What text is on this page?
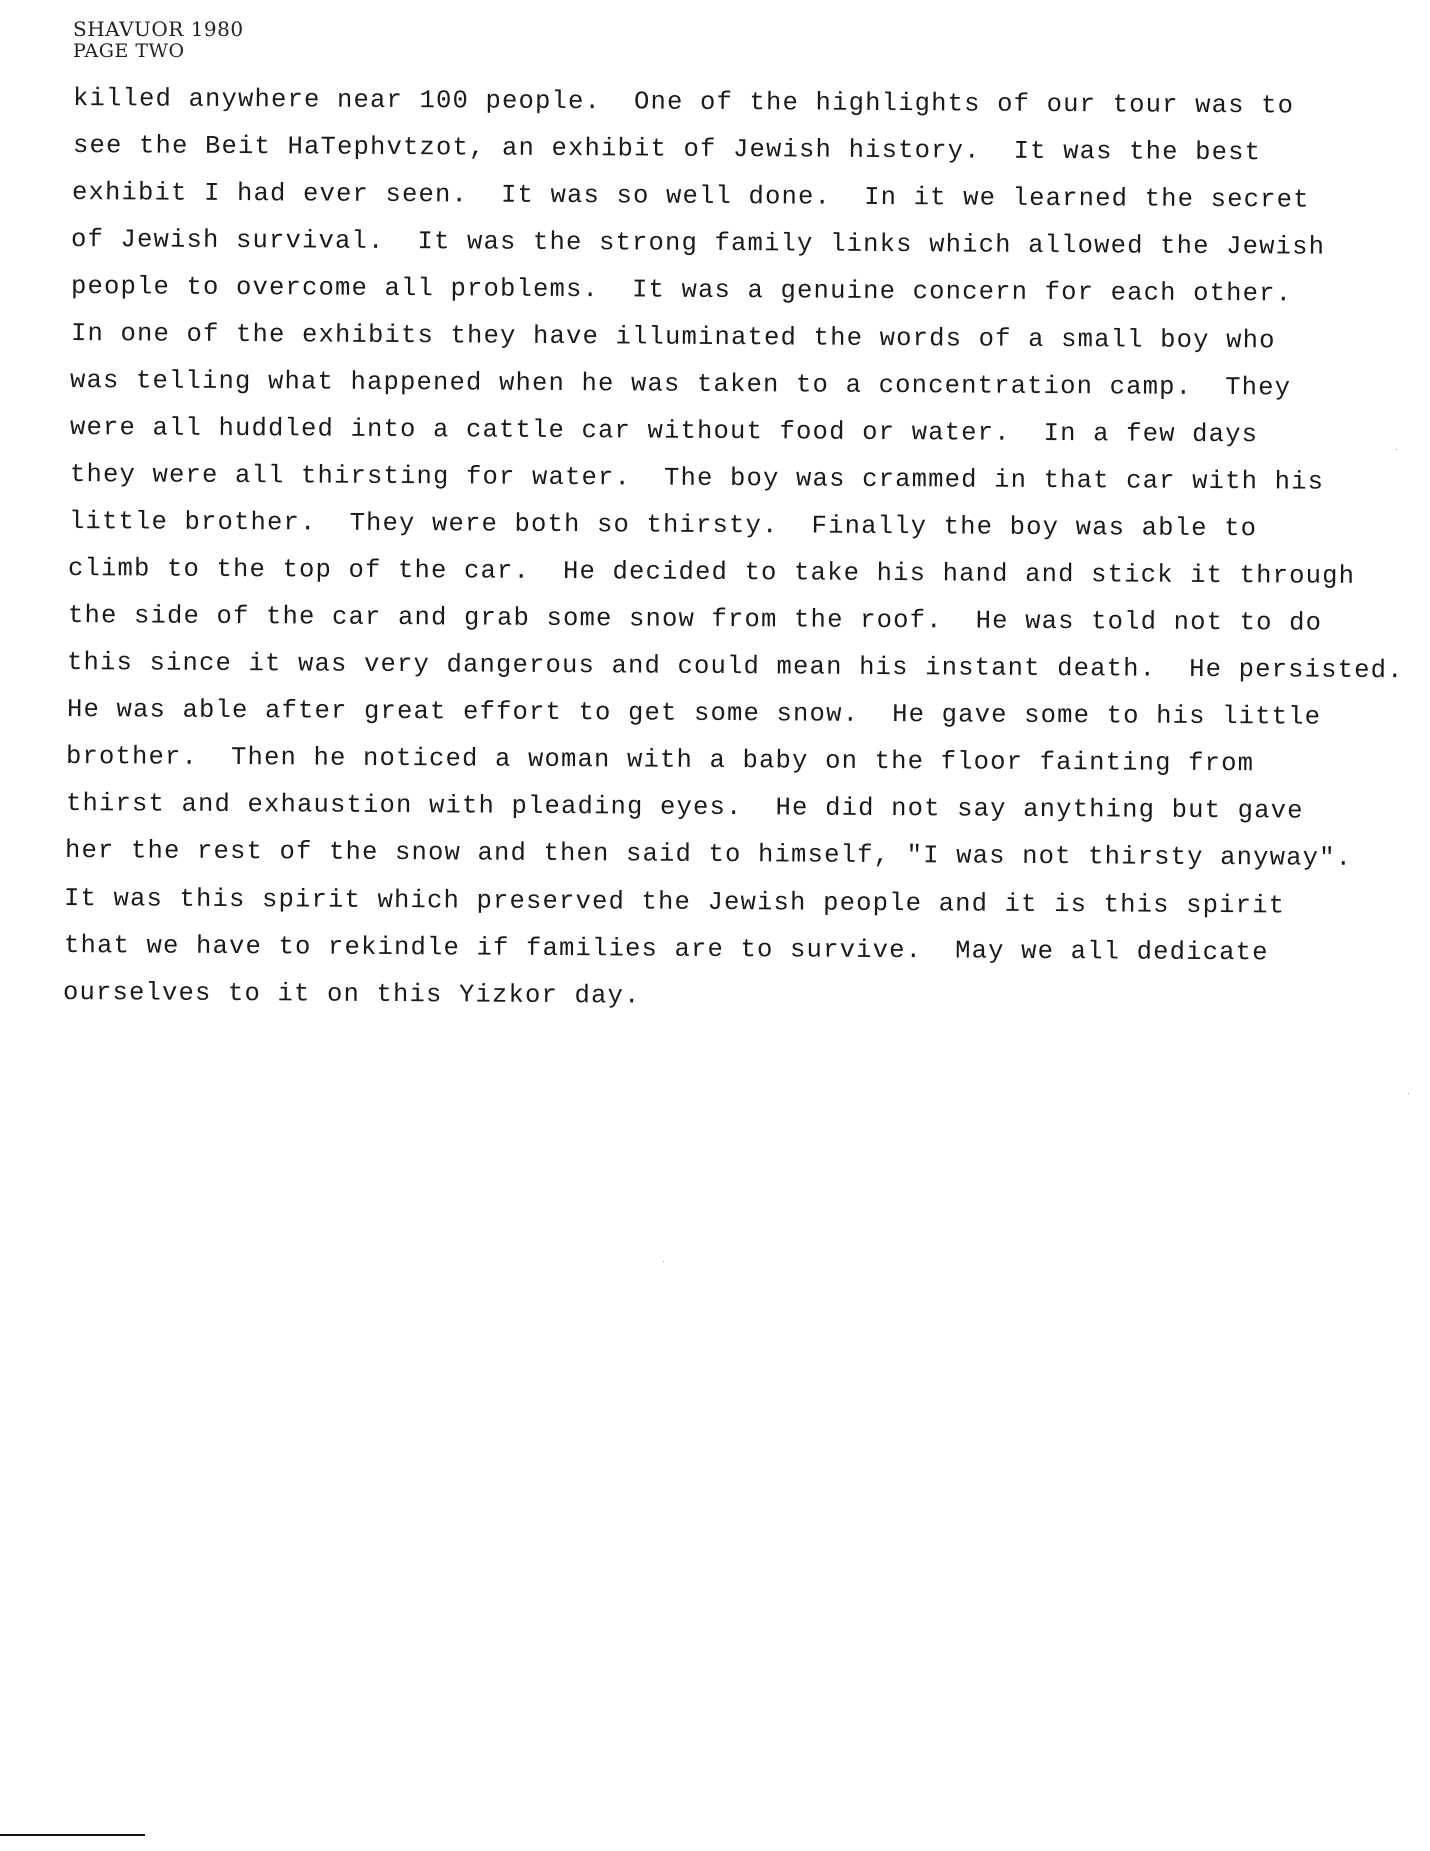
SHAVUOR 1980
PAGE TWO
killed anywhere near 100 people.  One of the highlights of our tour was to
see the Beit HaTephvtzot, an exhibit of Jewish history.  It was the best
exhibit I had ever seen.  It was so well done.  In it we learned the secret
of Jewish survival.  It was the strong family links which allowed the Jewish
people to overcome all problems.  It was a genuine concern for each other.
In one of the exhibits they have illuminated the words of a small boy who
was telling what happened when he was taken to a concentration camp.  They
were all huddled into a cattle car without food or water.  In a few days
they were all thirsting for water.  The boy was crammed in that car with his
little brother.  They were both so thirsty.  Finally the boy was able to
climb to the top of the car.  He decided to take his hand and stick it through
the side of the car and grab some snow from the roof.  He was told not to do
this since it was very dangerous and could mean his instant death.  He persisted.
He was able after great effort to get some snow.  He gave some to his little
brother.  Then he noticed a woman with a baby on the floor fainting from
thirst and exhaustion with pleading eyes.  He did not say anything but gave
her the rest of the snow and then said to himself, "I was not thirsty anyway".
It was this spirit which preserved the Jewish people and it is this spirit
that we have to rekindle if families are to survive.  May we all dedicate
ourselves to it on this Yizkor day.
